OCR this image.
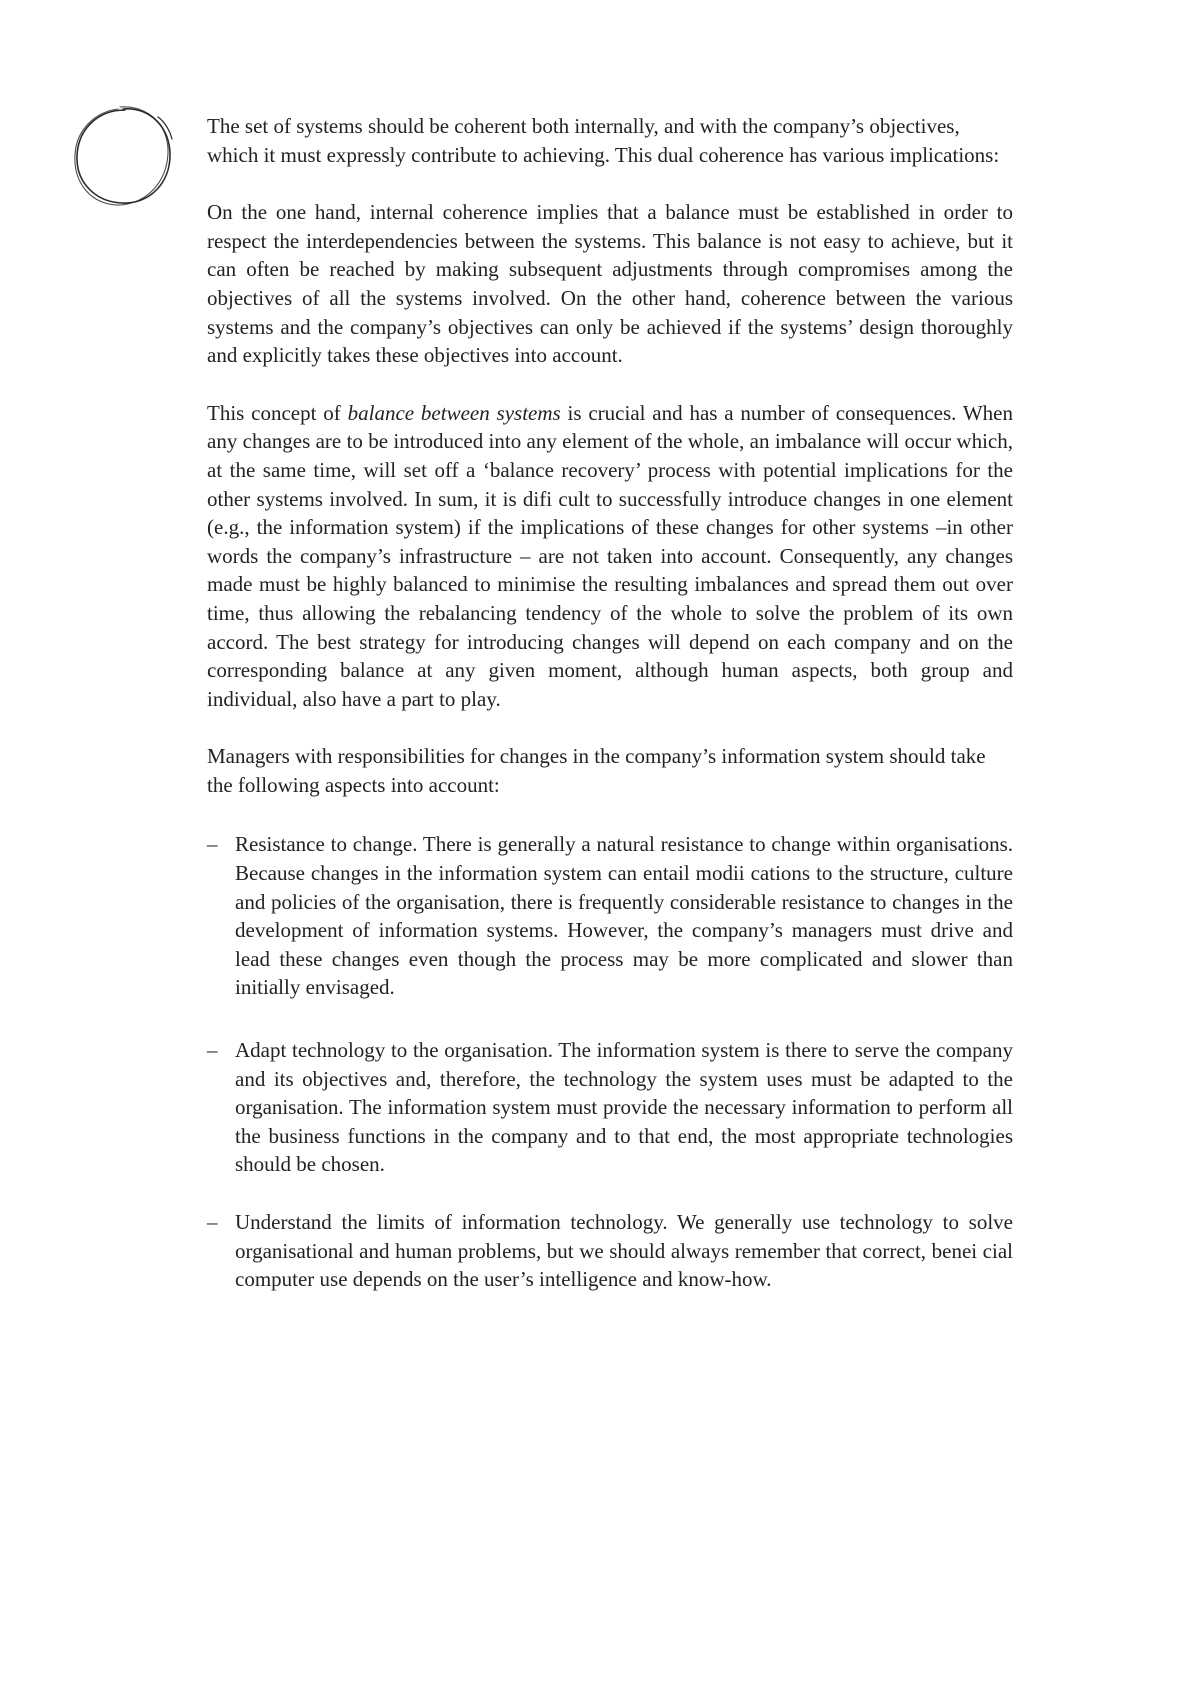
The set of systems should be coherent both internally, and with the company’s objectives, which it must expressly contribute to achieving. This dual coherence has various implications:

On the one hand, internal coherence implies that a balance must be established in order to respect the interdependencies between the systems. This balance is not easy to achieve, but it can often be reached by making subsequent adjustments through compromises among the objectives of all the systems involved. On the other hand, coherence between the various systems and the company’s objectives can only be achieved if the systems’ design thoroughly and explicitly takes these objectives into account.

This concept of balance between systems is crucial and has a number of consequences. When any changes are to be introduced into any element of the whole, an imbalance will occur which, at the same time, will set off a ‘balance recovery’ process with potential implications for the other systems involved. In sum, it is difi cult to successfully introduce changes in one element (e.g., the information system) if the implications of these changes for other systems –in other words the company’s infrastructure – are not taken into account. Consequently, any changes made must be highly balanced to minimise the resulting imbalances and spread them out over time, thus allowing the rebalancing tendency of the whole to solve the problem of its own accord. The best strategy for introducing changes will depend on each company and on the corresponding balance at any given moment, although human aspects, both group and individual, also have a part to play.

Managers with responsibilities for changes in the company’s information system should take the following aspects into account:

– Resistance to change. There is generally a natural resistance to change within organisations. Because changes in the information system can entail modii cations to the structure, culture and policies of the organisation, there is frequently considerable resistance to changes in the development of information systems. However, the company’s managers must drive and lead these changes even though the process may be more complicated and slower than initially envisaged.
– Adapt technology to the organisation. The information system is there to serve the company and its objectives and, therefore, the technology the system uses must be adapted to the organisation. The information system must provide the necessary information to perform all the business functions in the company and to that end, the most appropriate technologies should be chosen.
– Understand the limits of information technology. We generally use technology to solve organisational and human problems, but we should always remember that correct, benei cial computer use depends on the user’s intelligence and know-how.
